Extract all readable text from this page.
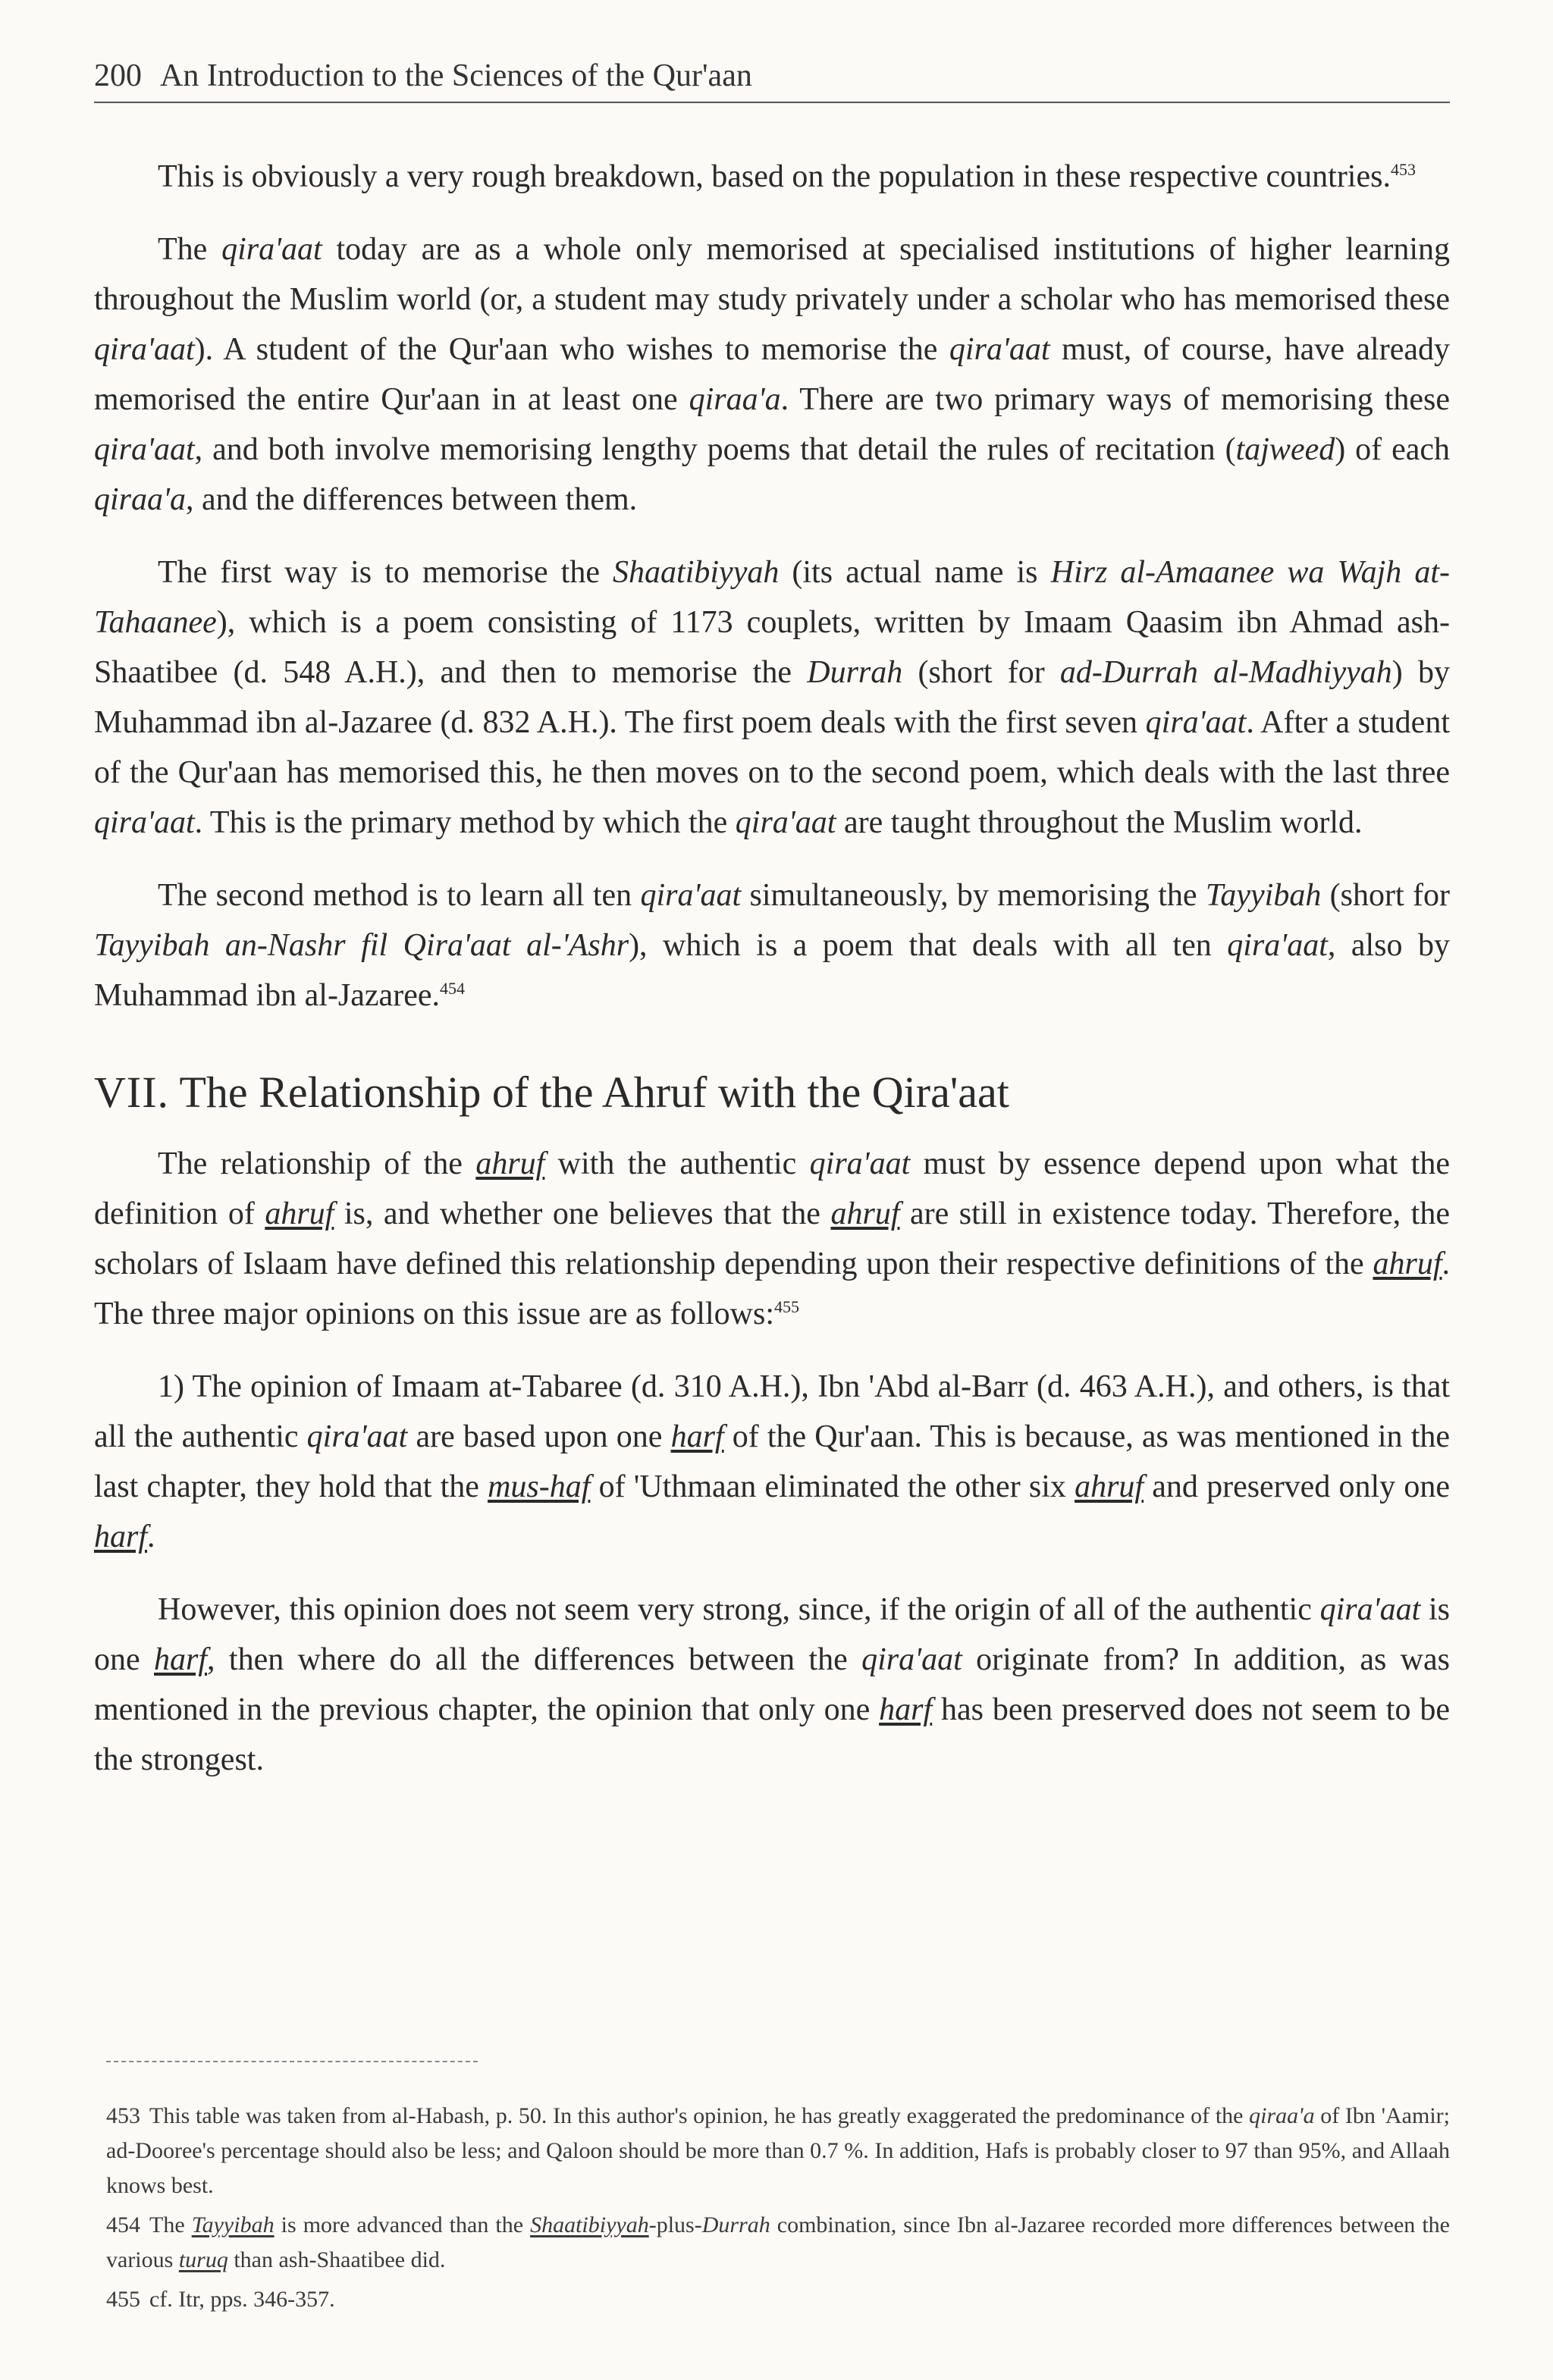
200 An Introduction to the Sciences of the Qur'aan

This is obviously a very rough breakdown, based on the population in these respective countries.$^{453}$

The qira'aat today are as a whole only memorised at specialised institutions of higher learning throughout the Muslim world (or, a student may study privately under a scholar who has memorised these qira'aat). A student of the Qur'aan who wishes to memorise the qira'aat must, of course, have already memorised the entire Qur'aan in at least one qiraa'a. There are two primary ways of memorising these qira'aat, and both involve memorising lengthy poems that detail the rules of recitation (tajweed) of each qiraa'a, and the differences between them.

The first way is to memorise the Shaatibiyyah (its actual name is Hirz al-Amaanee wa Wajh at-Tahaanee), which is a poem consisting of 1173 couplets, written by Imaam Qaasim ibn Ahmad ash-Shaatibee (d. 548 A.H.), and then to memorise the Durrah (short for ad-Durrah al-Madhiyyah) by Muhammad ibn al-Jazaree (d. 832 A.H.). The first poem deals with the first seven qira'aat. After a student of the Qur'aan has memorised this, he then moves on to the second poem, which deals with the last three qira'aat. This is the primary method by which the qira'aat are taught throughout the Muslim world.

The second method is to learn all ten qira'aat simultaneously, by memorising the Tayyibah (short for Tayyibah an-Nashr fil Qira'aat al-'Ashr), which is a poem that deals with all ten qira'aat, also by Muhammad ibn al-Jazaree.$^{454}$

VII. The Relationship of the Ahruf with the Qira'aat

The relationship of the ahruf with the authentic qira'aat must by essence depend upon what the definition of ahruf is, and whether one believes that the ahruf are still in existence today. Therefore, the scholars of Islaam have defined this relationship depending upon their respective definitions of the ahruf. The three major opinions on this issue are as follows:$^{455}$

1) The opinion of Imaam at-Tabaree (d. 310 A.H.), Ibn 'Abd al-Barr (d. 463 A.H.), and others, is that all the authentic qira'aat are based upon one harf of the Qur'aan. This is because, as was mentioned in the last chapter, they hold that the mus-haf of 'Uthmaan eliminated the other six ahruf and preserved only one harf.

However, this opinion does not seem very strong, since, if the origin of all of the authentic qira'aat is one harf, then where do all the differences between the qira'aat originate from? In addition, as was mentioned in the previous chapter, the opinion that only one harf has been preserved does not seem to be the strongest.

453 This table was taken from al-Habash, p. 50. In this author's opinion, he has greatly exaggerated the predominance of the qiraa'a of Ibn 'Aamir; ad-Dooree's percentage should also be less; and Qaloon should be more than 0.7 %. In addition, Hafs is probably closer to 97 than 95%, and Allaah knows best.

454 The Tayyibah is more advanced than the Shaatibiyyah-plus-Durrah combination, since Ibn al-Jazaree recorded more differences between the various turuq than ash-Shaatibee did.

455 cf. Itr, pps. 346-357.
